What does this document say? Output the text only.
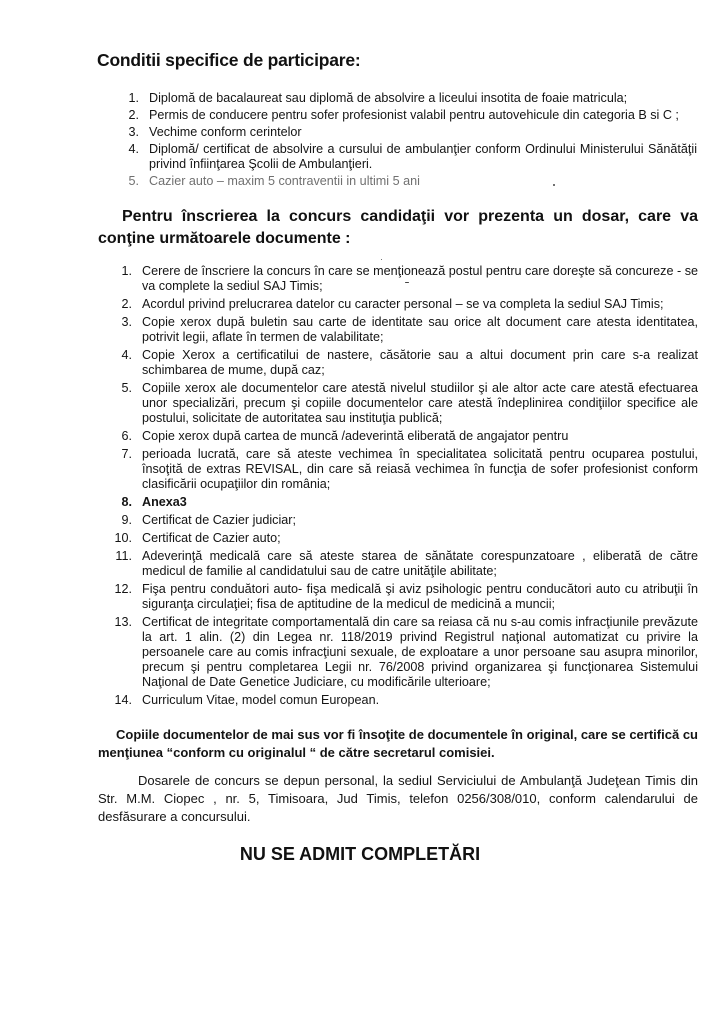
Conditii specifice de participare:
1. Diplomă de bacalaureat sau diplomă de absolvire a liceului insotita de foaie matricula;
2. Permis de conducere pentru sofer profesionist valabil pentru autovehicule din categoria B si C ;
3. Vechime conform cerintelor
4. Diplomă/ certificat de absolvire a cursului de ambulanţier conform Ordinului Ministerului Sănătăţii privind înfiinţarea Şcolii de Ambulanţieri.
5. Cazier auto – maxim 5 contraventii in ultimi 5 ani
Pentru înscrierea la concurs candidaţii vor prezenta un dosar, care va conţine următoarele documente :
1. Cerere de înscriere la concurs în care se menţionează postul pentru care doreşte să concureze - se va complete la sediul SAJ Timis;
2. Acordul privind prelucrarea datelor cu caracter personal – se va completa la sediul SAJ Timis;
3. Copie xerox după buletin sau carte de identitate sau orice alt document care atesta identitatea, potrivit legii, aflate în termen de valabilitate;
4. Copie Xerox a certificatilui de nastere, căsătorie sau a altui document prin care s-a realizat schimbarea de mume, după caz;
5. Copiile xerox ale documentelor care atestă nivelul studiilor şi ale altor acte care atestă efectuarea unor specializări, precum şi copiile documentelor care atestă îndeplinirea condiţiilor specifice ale postului, solicitate de autoritatea sau instituţia publică;
6. Copie xerox după cartea de muncă /adeverintă eliberată de angajator pentru
7. perioada lucrată, care să ateste vechimea în specialitatea solicitată pentru ocuparea postului, însoţită de extras REVISAL, din care să reiasă vechimea în funcţia de sofer profesionist conform clasificării ocupaţiilor din românia;
8. Anexa3
9. Certificat de Cazier judiciar;
10. Certificat de Cazier auto;
11. Adeverinţă medicală care să ateste starea de sănătate corespunzatoare , eliberată de către medicul de familie al candidatului sau de catre unităţile abilitate;
12. Fişa pentru conduători auto- fişa medicală şi aviz psihologic pentru conducători auto cu atribuţii în siguranţa circulaţiei; fisa de aptitudine de la medicul de medicină a muncii;
13. Certificat de integritate comportamentală din care sa reiasa că nu s-au comis infracţiunile prevăzute la art. 1 alin. (2) din Legea nr. 118/2019 privind Registrul naţional automatizat cu privire la persoanele care au comis infracţiuni sexuale, de exploatare a unor persoane sau asupra minorilor, precum şi pentru completarea Legii nr. 76/2008 privind organizarea şi funcţionarea Sistemului Naţional de Date Genetice Judiciare, cu modificările ulterioare;
14. Curriculum Vitae, model comun European.
Copiile documentelor de mai sus vor fi însoţite de documentele în original, care se certifică cu menţiunea “conform cu originalul “ de către secretarul comisiei.
Dosarele de concurs se depun personal, la sediul Serviciului de Ambulanţă Judeţean Timis din Str. M.M. Ciopec , nr. 5, Timisoara, Jud Timis, telefon 0256/308/010, conform calendarului de desfăsurare a concursului.
NU SE ADMIT COMPLETĂRI
